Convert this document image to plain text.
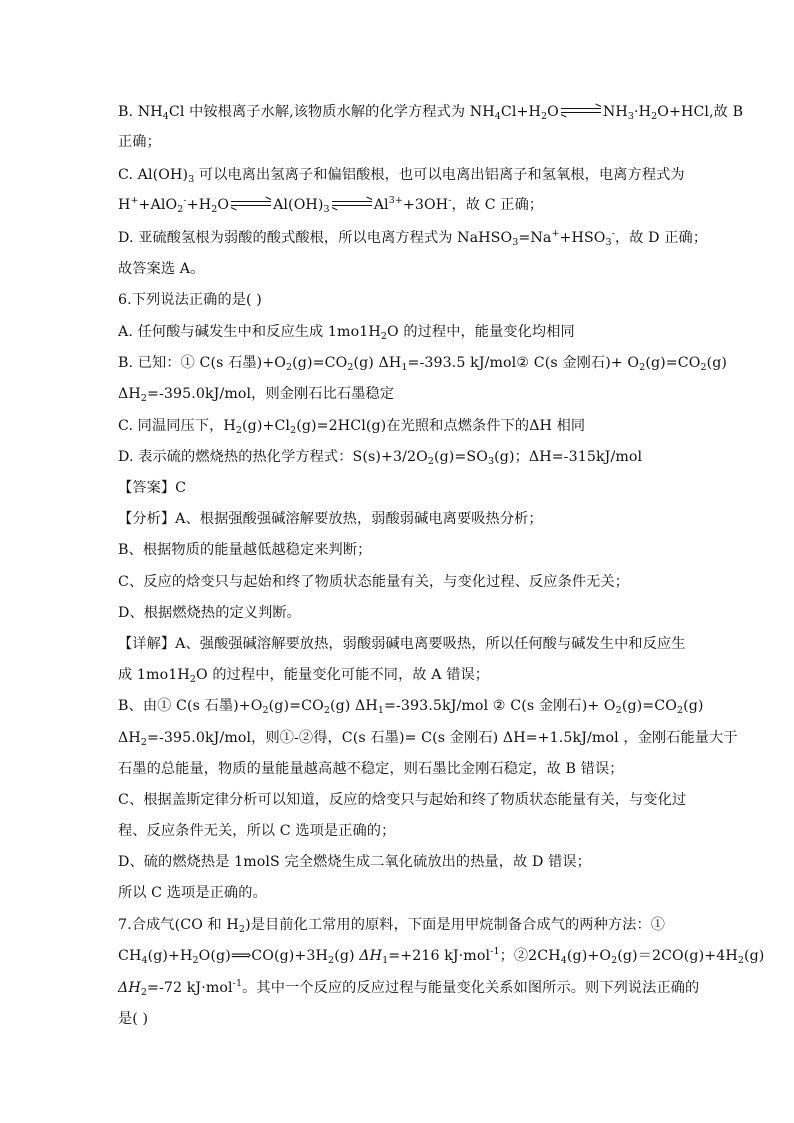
B. $NH_4Cl$ 中铵根离子水解,该物质水解的化学方程式为 $NH_4Cl+H_2O$	$NH_3\cdot H_2O+HCl$,故 B
正确；
C. $Al(OH)_3$ 可以电离出氢离子和偏铝酸根，也可以电离出铝离子和氢氧根，电离方程式为
$H^++AlO_2^-+H_2O$	$Al(OH)_3$	$Al^{3+}+3OH^-$，故 C 正确；
D. 亚硫酸氢根为弱酸的酸式酸根，所以电离方程式为 $NaHSO_3=Na^++HSO_3^-$，故 D 正确；
故答案选 A。
6.下列说法正确的是( )
A. 任何酸与碱发生中和反应生成 $1mo1H_2O$ 的过程中，能量变化均相同
B. 已知：① C(s 石墨)$+O_2(g)=CO_2(g)$ $\Delta H_1=-393.5$ kJ/mol② C(s 金刚石)+ $O_2(g)=CO_2(g)$
$\Delta H_2=-395.0kJ$/mol，则金刚石比石墨稳定
C. 同温同压下，$H_2(g)+Cl_2(g)=2HCl(g)$在光照和点燃条件下的ΔH 相同
D. 表示硫的燃烧热的热化学方程式：$S(s)+3/2O_2(g)=SO_3(g)$；ΔH=-315kJ/mol
【答案】C
【分析】A、根据强酸强碱溶解要放热，弱酸弱碱电离要吸热分析；
B、根据物质的能量越低越稳定来判断；
C、反应的焓变只与起始和终了物质状态能量有关，与变化过程、反应条件无关；
D、根据燃烧热的定义判断。
【详解】A、强酸强碱溶解要放热，弱酸弱碱电离要吸热，所以任何酸与碱发生中和反应生
成 $1mo1H_2O$ 的过程中，能量变化可能不同，故 A 错误；
B、由① C(s 石墨)$+O_2(g)=CO_2(g)$ $\Delta H_1=-393.5kJ$/mol ② C(s 金刚石)+ $O_2(g)=CO_2(g)$
$\Delta H_2=-395.0kJ$/mol，则①-②得，C(s 石墨)= C(s 金刚石) ΔH=+1.5kJ/mol ，金刚石能量大于
石墨的总能量，物质的量能量越高越不稳定，则石墨比金刚石稳定，故 B 错误；
C、根据盖斯定律分析可以知道，反应的焓变只与起始和终了物质状态能量有关，与变化过
程、反应条件无关，所以 C 选项是正确的；
D、硫的燃烧热是 1molS 完全燃烧生成二氧化硫放出的热量，故 D 错误；
所以 C 选项是正确的。
7.合成气(CO 和 $H_2$)是目前化工常用的原料，下面是用甲烷制备合成气的两种方法：①
$CH_4(g)+H_2O(g)⟹CO(g)+3H_2(g)$ $\Delta H_1=+216$ kJ·mol$^{-1}$；$②2CH_4(g)+O_2(g)=2CO(g)+4H_2(g)$
$\Delta H_2=-72$ kJ·mol$^{-1}$。其中一个反应的反应过程与能量变化关系如图所示。则下列说法正确的
是( )
